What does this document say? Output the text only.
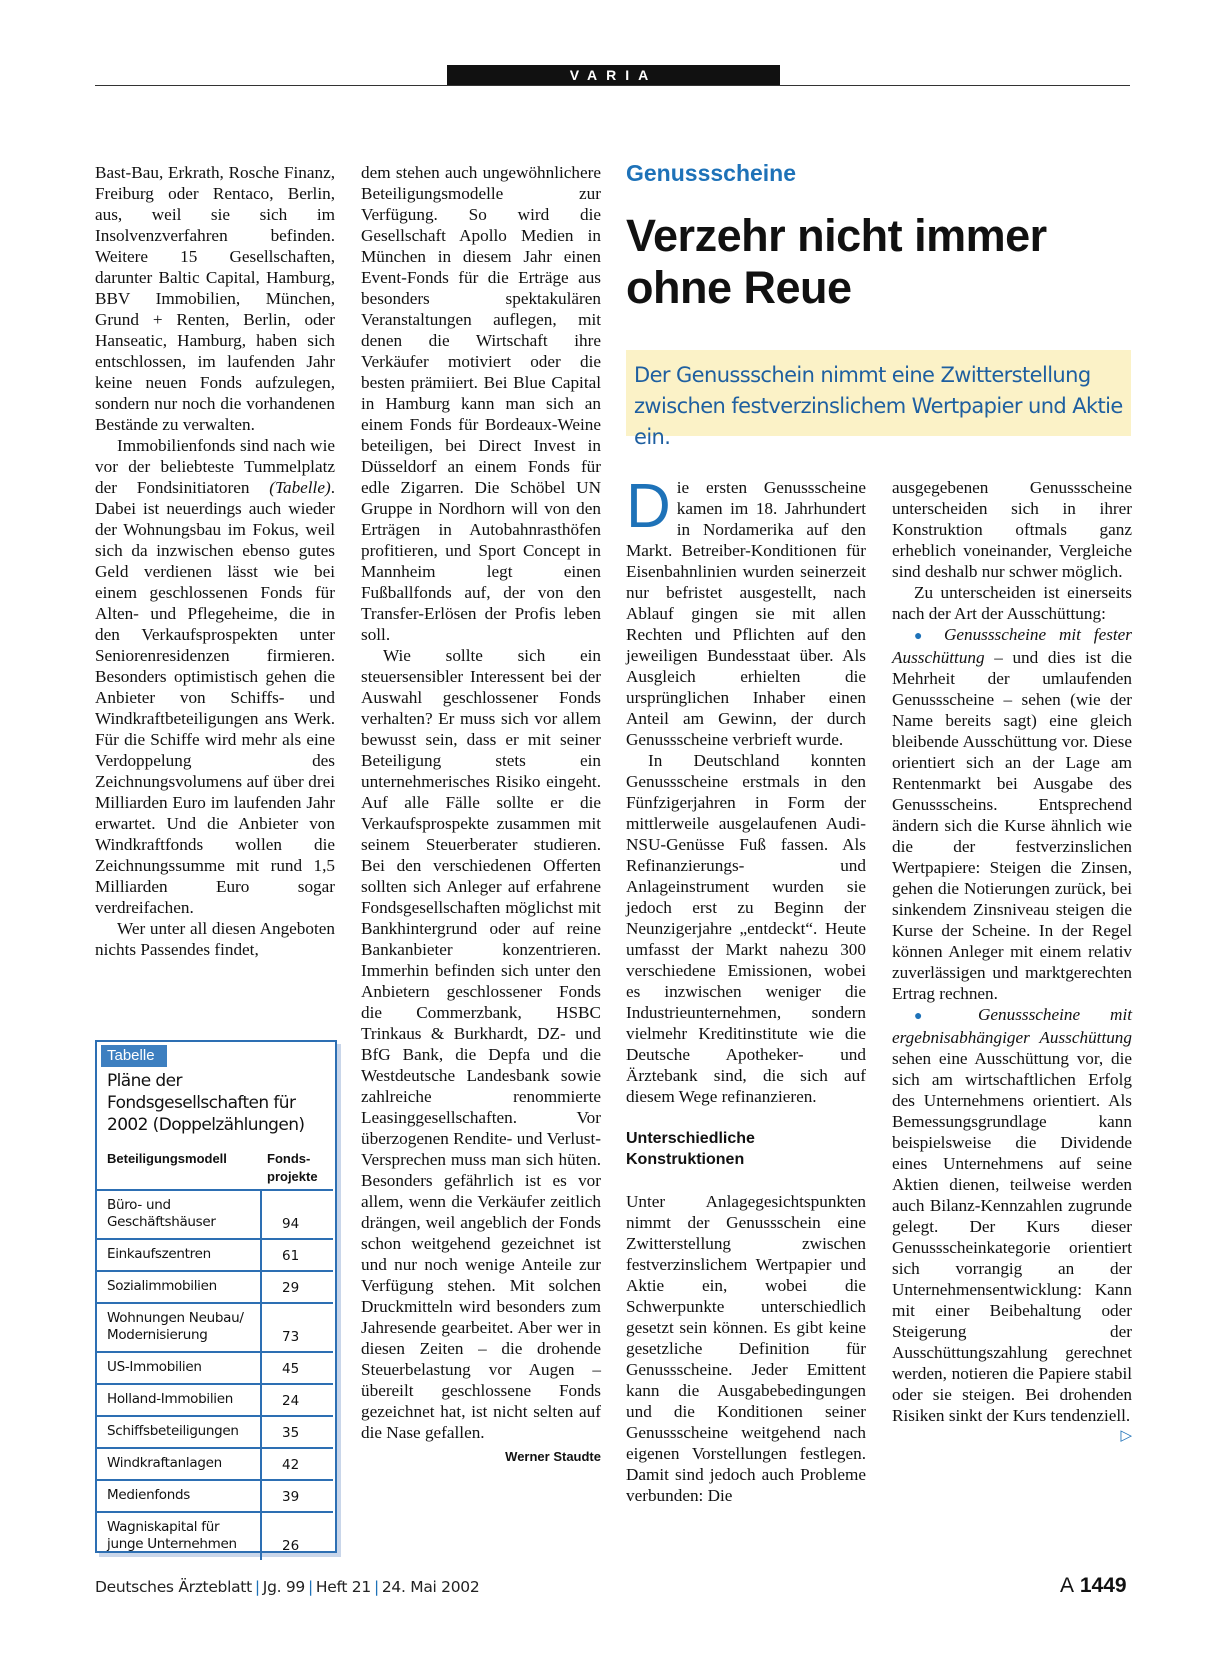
VARIA

Bast-Bau, Erkrath, Rosche Finanz, Freiburg oder Rentaco, Berlin, aus, weil sie sich im Insolvenzverfahren befinden. Weitere 15 Gesellschaften, darunter Baltic Capital, Hamburg, BBV Immobilien, München, Grund + Renten, Berlin, oder Hanseatic, Hamburg, haben sich entschlossen, im laufenden Jahr keine neuen Fonds aufzulegen, sondern nur noch die vorhandenen Bestände zu verwalten.

Immobilienfonds sind nach wie vor der beliebteste Tummelplatz der Fondsinitiatoren (Tabelle). Dabei ist neuerdings auch wieder der Wohnungsbau im Fokus, weil sich da inzwischen ebenso gutes Geld verdienen lässt wie bei einem geschlossenen Fonds für Alten- und Pflegeheime, die in den Verkaufsprospekten unter Seniorenresidenzen firmieren. Besonders optimistisch gehen die Anbieter von Schiffs- und Windkraftbeteiligungen ans Werk. Für die Schiffe wird mehr als eine Verdoppelung des Zeichnungsvolumens auf über drei Milliarden Euro im laufenden Jahr erwartet. Und die Anbieter von Windkraftfonds wollen die Zeichnungssumme mit rund 1,5 Milliarden Euro sogar verdreifachen.

Wer unter all diesen Angeboten nichts Passendes findet,

dem stehen auch ungewöhnlichere Beteiligungsmodelle zur Verfügung. So wird die Gesellschaft Apollo Medien in München in diesem Jahr einen Event-Fonds für die Erträge aus besonders spektakulären Veranstaltungen auflegen, mit denen die Wirtschaft ihre Verkäufer motiviert oder die besten prämiiert. Bei Blue Capital in Hamburg kann man sich an einem Fonds für Bordeaux-Weine beteiligen, bei Direct Invest in Düsseldorf an einem Fonds für edle Zigarren. Die Schöbel UN Gruppe in Nordhorn will von den Erträgen in Autobahnrasthöfen profitieren, und Sport Concept in Mannheim legt einen Fußballfonds auf, der von den Transfer-Erlösen der Profis leben soll.

Wie sollte sich ein steuersensibler Interessent bei der Auswahl geschlossener Fonds verhalten? Er muss sich vor allem bewusst sein, dass er mit seiner Beteiligung stets ein unternehmerisches Risiko eingeht. Auf alle Fälle sollte er die Verkaufsprospekte zusammen mit seinem Steuerberater studieren. Bei den verschiedenen Offerten sollten sich Anleger auf erfahrene Fondsgesellschaften möglichst mit Bankhintergrund oder auf reine Bankanbieter konzentrieren. Immerhin befinden sich unter den Anbietern geschlossener Fonds die Commerzbank, HSBC Trinkaus & Burkhardt, DZ- und BfG Bank, die Depfa und die Westdeutsche Landesbank sowie zahlreiche renommierte Leasinggesellschaften. Vor überzogenen Rendite- und Verlust-Versprechen muss man sich hüten. Besonders gefährlich ist es vor allem, wenn die Verkäufer zeitlich drängen, weil angeblich der Fonds schon weitgehend gezeichnet ist und nur noch wenige Anteile zur Verfügung stehen. Mit solchen Druckmitteln wird besonders zum Jahresende gearbeitet. Aber wer in diesen Zeiten – die drohende Steuerbelastung vor Augen – übereilt geschlossene Fonds gezeichnet hat, ist nicht selten auf die Nase gefallen.
Werner Staudte

Genussscheine
Verzehr nicht immer ohne Reue
Der Genussschein nimmt eine Zwitterstellung zwischen festverzinslichem Wertpapier und Aktie ein.

Die ersten Genussscheine kamen im 18. Jahrhundert in Nordamerika auf den Markt. Betreiber-Konditionen für Eisenbahnlinien wurden seinerzeit nur befristet ausgestellt, nach Ablauf gingen sie mit allen Rechten und Pflichten auf den jeweiligen Bundesstaat über. Als Ausgleich erhielten die ursprünglichen Inhaber einen Anteil am Gewinn, der durch Genussscheine verbrieft wurde.

In Deutschland konnten Genussscheine erstmals in den Fünfzigerjahren in Form der mittlerweile ausgelaufenen Audi-NSU-Genüsse Fuß fassen. Als Refinanzierungs- und Anlageinstrument wurden sie jedoch erst zu Beginn der Neunzigerjahre „entdeckt“. Heute umfasst der Markt nahezu 300 verschiedene Emissionen, wobei es inzwischen weniger die Industrieunternehmen, sondern vielmehr Kreditinstitute wie die Deutsche Apotheker- und Ärztebank sind, die sich auf diesem Wege refinanzieren.

Unterschiedliche Konstruktionen

Unter Anlagegesichtspunkten nimmt der Genussschein eine Zwitterstellung zwischen festverzinslichem Wertpapier und Aktie ein, wobei die Schwerpunkte unterschiedlich gesetzt sein können. Es gibt keine gesetzliche Definition für Genussscheine. Jeder Emittent kann die Ausgabebedingungen und die Konditionen seiner Genussscheine weitgehend nach eigenen Vorstellungen festlegen. Damit sind jedoch auch Probleme verbunden: Die

ausgegebenen Genussscheine unterscheiden sich in ihrer Konstruktion oftmals ganz erheblich voneinander, Vergleiche sind deshalb nur schwer möglich.

Zu unterscheiden ist einerseits nach der Art der Ausschüttung:

● Genussscheine mit fester Ausschüttung – und dies ist die Mehrheit der umlaufenden Genussscheine – sehen (wie der Name bereits sagt) eine gleich bleibende Ausschüttung vor. Diese orientiert sich an der Lage am Rentenmarkt bei Ausgabe des Genussscheins. Entsprechend ändern sich die Kurse ähnlich wie die der festverzinslichen Wertpapiere: Steigen die Zinsen, gehen die Notierungen zurück, bei sinkendem Zinsniveau steigen die Kurse der Scheine. In der Regel können Anleger mit einem relativ zuverlässigen und marktgerechten Ertrag rechnen.

● Genussscheine mit ergebnisabhängiger Ausschüttung sehen eine Ausschüttung vor, die sich am wirtschaftlichen Erfolg des Unternehmens orientiert. Als Bemessungsgrundlage kann beispielsweise die Dividende eines Unternehmens auf seine Aktien dienen, teilweise werden auch Bilanz-Kennzahlen zugrunde gelegt. Der Kurs dieser Genussscheinkategorie orientiert sich vorrangig an der Unternehmensentwicklung: Kann mit einer Beibehaltung oder Steigerung der Ausschüttungszahlung gerechnet werden, notieren die Papiere stabil oder sie steigen. Bei drohenden Risiken sinkt der Kurs tendenziell.
▷

Tabelle
Pläne der Fondsgesellschaften für 2002 (Doppelzählungen)
Beteiligungsmodell	Fonds-projekte
Büro- und Geschäftshäuser	94
Einkaufszentren	61
Sozialimmobilien	29
Wohnungen Neubau/ Modernisierung	73
US-Immobilien	45
Holland-Immobilien	24
Schiffsbeteiligungen	35
Windkraftanlagen	42
Medienfonds	39
Wagniskapital für junge Unternehmen	26
Deutsches Ärzteblatt | Jg. 99 | Heft 21 | 24. Mai 2002	A 1449
